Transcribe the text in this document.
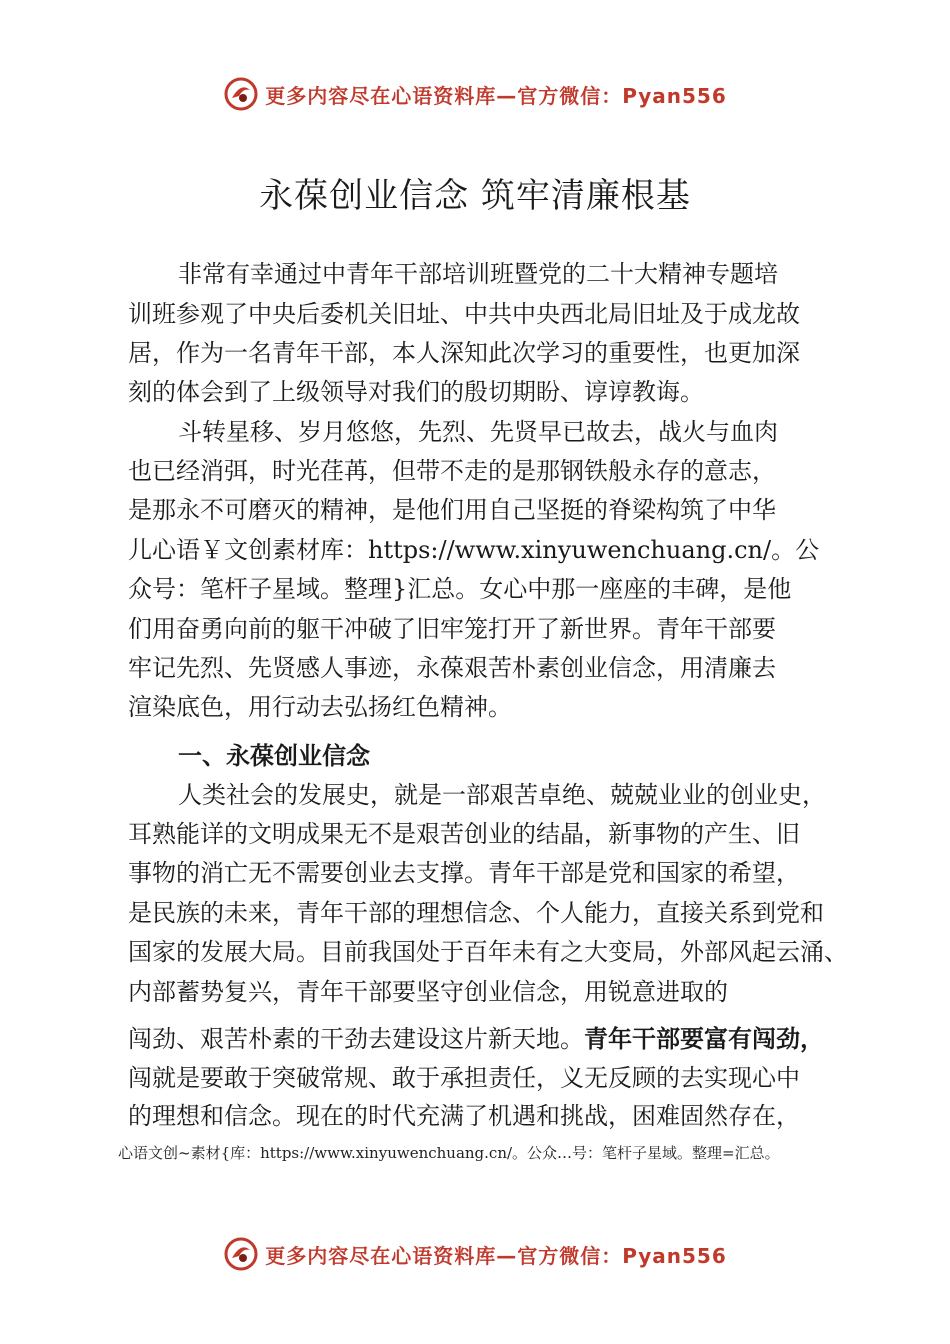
更多内容尽在心语资料库—官方微信：Pyan556
永葆创业信念 筑牢清廉根基
非常有幸通过中青年干部培训班暨党的二十大精神专题培
训班参观了中央后委机关旧址、中共中央西北局旧址及于成龙故
居，作为一名青年干部，本人深知此次学习的重要性，也更加深
刻的体会到了上级领导对我们的殷切期盼、谆谆教诲。
斗转星移、岁月悠悠，先烈、先贤早已故去，战火与血肉
也已经消弭，时光荏苒，但带不走的是那钢铁般永存的意志，
是那永不可磨灭的精神，是他们用自己坚挺的脊梁构筑了中华
儿心语￥文创素材库：https://www.xinyuwenchuang.cn/。公
众号：笔杆子星域。整理}汇总。女心中那一座座的丰碑，是他
们用奋勇向前的躯干冲破了旧牢笼打开了新世界。青年干部要
牢记先烈、先贤感人事迹，永葆艰苦朴素创业信念，用清廉去
渲染底色，用行动去弘扬红色精神。
一、永葆创业信念
人类社会的发展史，就是一部艰苦卓绝、兢兢业业的创业史，
耳熟能详的文明成果无不是艰苦创业的结晶，新事物的产生、旧
事物的消亡无不需要创业去支撑。青年干部是党和国家的希望，
是民族的未来，青年干部的理想信念、个人能力，直接关系到党和
国家的发展大局。目前我国处于百年未有之大变局，外部风起云涌、
内部蓄势复兴，青年干部要坚守创业信念，用锐意进取的
闯劲、艰苦朴素的干劲去建设这片新天地。青年干部要富有闯劲，
闯就是要敢于突破常规、敢于承担责任，义无反顾的去实现心中
的理想和信念。现在的时代充满了机遇和挑战，困难固然存在，
心语文创~素材{库：https://www.xinyuwenchuang.cn/。公众…号：笔杆子星域。整理=汇总。
更多内容尽在心语资料库—官方微信：Pyan556
